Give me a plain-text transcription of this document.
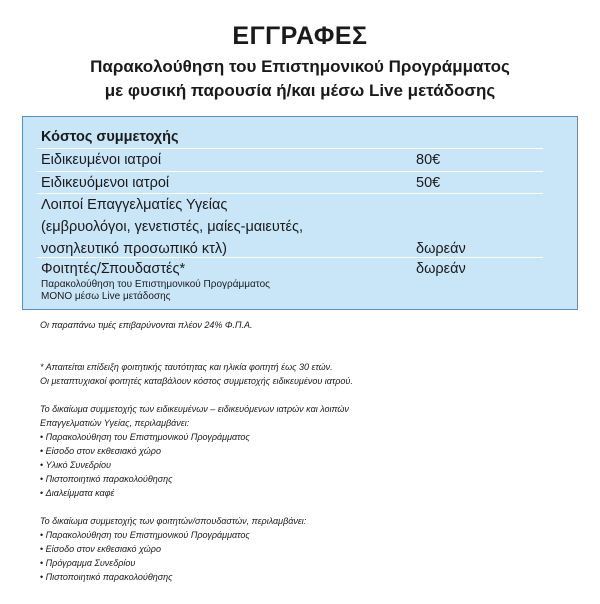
ΕΓΓΡΑΦΕΣ
Παρακολούθηση του Επιστημονικού Προγράμματος
με φυσική παρουσία ή/και μέσω Live μετάδοσης
Κόστος συμμετοχής
Ειδικευμένοι ιατροί	80€
Ειδικευόμενοι ιατροί	50€
Λοιποί Επαγγελματίες Υγείας
(εμβρυολόγοι, γενετιστές, μαίες-μαιευτές,
νοσηλευτικό προσωπικό κτλ)	δωρεάν
Φοιτητές/Σπουδαστές*	δωρεάν
Παρακολούθηση του Επιστημονικού Προγράμματος
ΜΟΝΟ μέσω Live μετάδοσης

Οι παραπάνω τιμές επιβαρύνονται πλέον 24% Φ.Π.Α.

* Απαιτείται επίδειξη φοιτητικής ταυτότητας και ηλικία φοιτητή έως 30 ετών.

Οι μεταπτυχιακοί φοιτητές καταβάλουν κόστος συμμετοχής ειδικευμένου ιατρού.

Το δικαίωμα συμμετοχής των ειδικευμένων – ειδικευόμενων ιατρών και λοιπών

Επαγγελματιών Υγείας, περιλαμβάνει:

• Παρακολούθηση του Επιστημονικού Προγράμματος
• Είσοδο στον εκθεσιακό χώρο
• Υλικό Συνεδρίου
• Πιστοποιητικό παρακολούθησης
• Διαλείμματα καφέ

Το δικαίωμα συμμετοχής των φοιτητών/σπουδαστών, περιλαμβάνει:

• Παρακολούθηση του Επιστημονικού Προγράμματος
• Είσοδο στον εκθεσιακό χώρο
• Πρόγραμμα Συνεδρίου
• Πιστοποιητικό παρακολούθησης
